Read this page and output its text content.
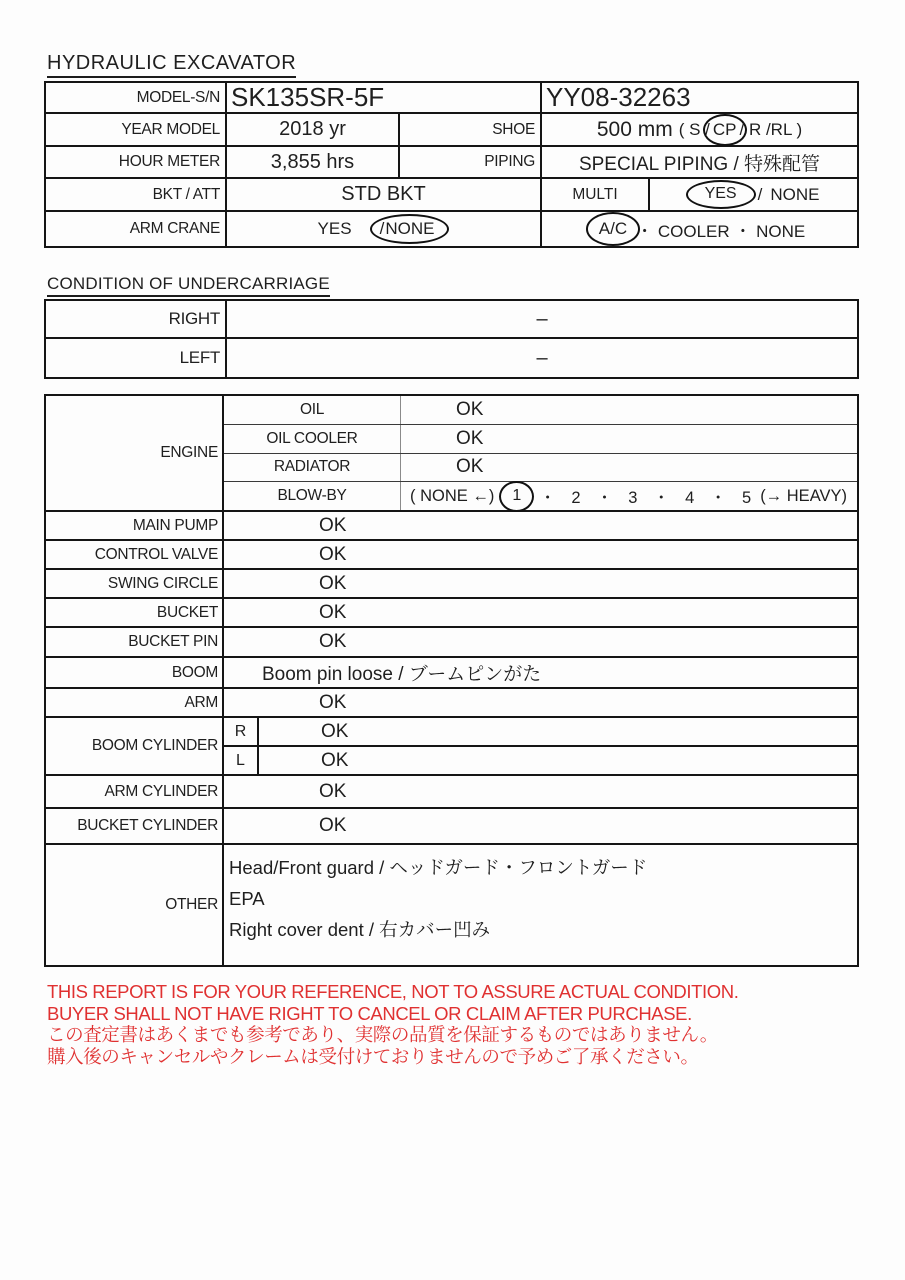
HYDRAULIC EXCAVATOR
MODEL-S/N SK135SR-5F	YY08-32263
YEAR MODEL	2018 yr	SHOE	500 mm ( S / CP / R /RL )
HOUR METER	3,855 hrs	PIPING	SPECIAL PIPING / 特殊配管
BKT / ATT	STD BKT	MULTI	YES	/ NONE
ARM CRANE	YES / NONE	A/C ・ COOLER ・ NONE
CONDITION OF UNDERCARRIAGE
RIGHT	–
LEFT	–
ENGINE
OIL	OK
OIL COOLER	OK
RADIATOR	OK
BLOW-BY	( NONE ←)	1	・ 2 ・ 3 ・ 4 ・ 5 (→ HEAVY)
MAIN PUMP	OK
CONTROL VALVE	OK
SWING CIRCLE	OK
BUCKET	OK
BUCKET PIN	OK
BOOM	Boom pin loose / ブームピンがた
ARM	OK
BOOM CYLINDER
R	OK
L	OK
ARM CYLINDER	OK
BUCKET CYLINDER	OK
OTHER
Head/Front guard / ヘッドガード・フロントガード
EPA
Right cover dent / 右カバー凹み
THIS REPORT IS FOR YOUR REFERENCE, NOT TO ASSURE ACTUAL CONDITION.
BUYER SHALL NOT HAVE RIGHT TO CANCEL OR CLAIM AFTER PURCHASE.
この査定書はあくまでも参考であり、実際の品質を保証するものではありません。
購入後のキャンセルやクレームは受付けておりませんので予めご了承ください。
